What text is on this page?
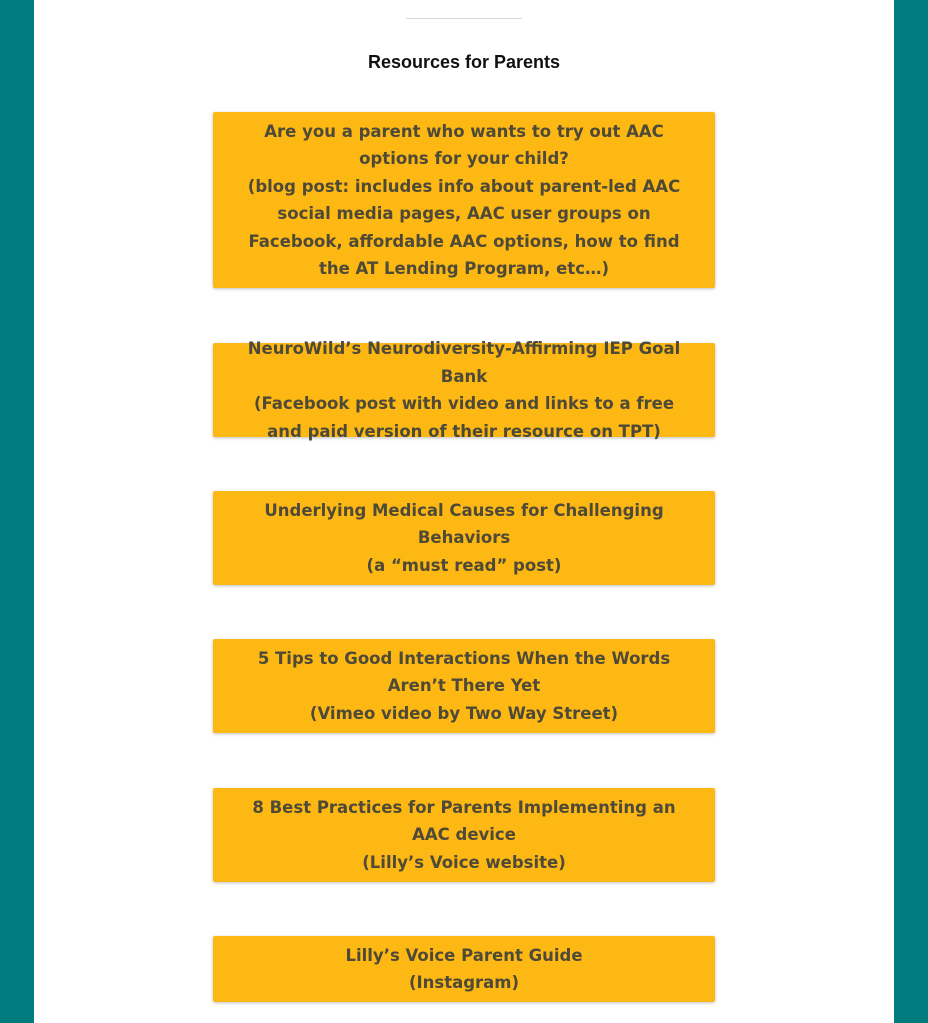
Resources for Parents
Are you a parent who wants to try out AAC options for your child?
(blog post: includes info about parent-led AAC social media pages, AAC user groups on Facebook, affordable AAC options, how to find the AT Lending Program, etc…)
NeuroWild’s Neurodiversity-Affirming IEP Goal Bank
(Facebook post with video and links to a free and paid version of their resource on TPT)
Underlying Medical Causes for Challenging Behaviors
(a “must read” post)
5 Tips to Good Interactions When the Words Aren’t There Yet
(Vimeo video by Two Way Street)
8 Best Practices for Parents Implementing an AAC device
(Lilly’s Voice website)
Lilly’s Voice Parent Guide
(Instagram)
